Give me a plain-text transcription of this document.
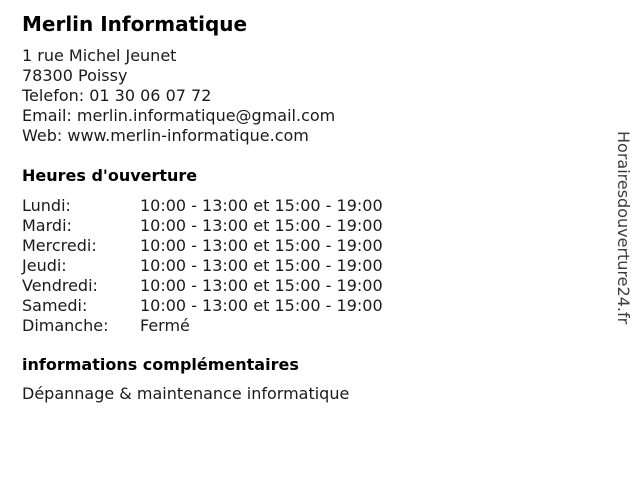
Merlin Informatique
1 rue Michel Jeunet
78300 Poissy
Telefon: 01 30 06 07 72
Email: merlin.informatique@gmail.com
Web: www.merlin-informatique.com
Heures d'ouverture
Lundi:	10:00 - 13:00 et 15:00 - 19:00
Mardi:	10:00 - 13:00 et 15:00 - 19:00
Mercredi:	10:00 - 13:00 et 15:00 - 19:00
Jeudi:	10:00 - 13:00 et 15:00 - 19:00
Vendredi:	10:00 - 13:00 et 15:00 - 19:00
Samedi:	10:00 - 13:00 et 15:00 - 19:00
Dimanche: Fermé
informations complémentaires
Dépannage & maintenance informatique
Horairesdouverture24.fr
